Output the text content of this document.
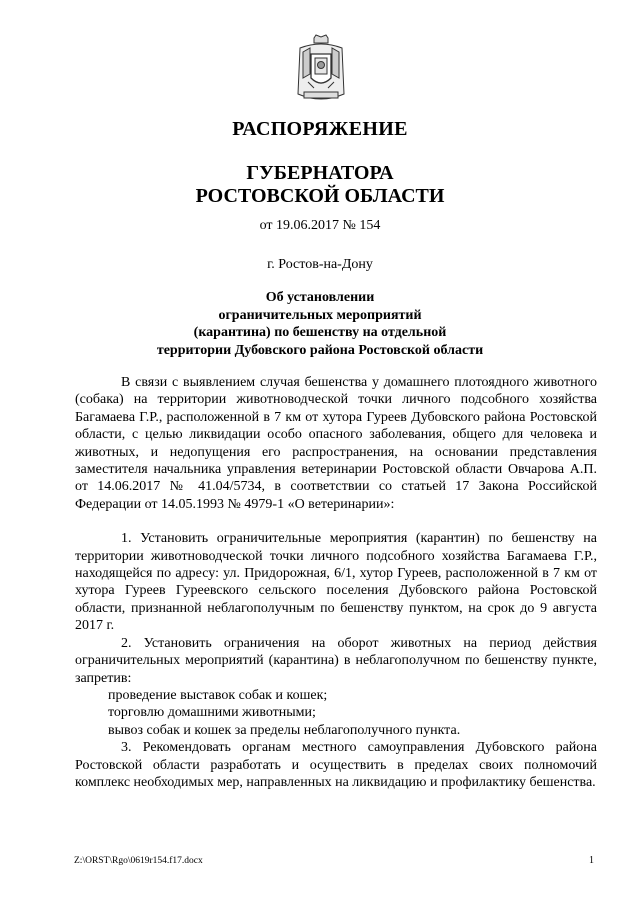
РАСПОРЯЖЕНИЕ
ГУБЕРНАТОРА
РОСТОВСКОЙ ОБЛАСТИ
от 19.06.2017 № 154
г. Ростов-на-Дону
Об установлении
ограничительных мероприятий
(карантина) по бешенству на отдельной
территории Дубовского района Ростовской области

В связи с выявлением случая бешенства у домашнего плотоядного животного (собака) на территории животноводческой точки личного подсобного хозяйства Багамаева Г.Р., расположенной в 7 км от хутора Гуреев Дубовского района Ростовской области, с целью ликвидации особо опасного заболевания, общего для человека и животных, и недопущения его распространения, на основании представления заместителя начальника управления ветеринарии Ростовской области Овчарова А.П. от 14.06.2017 № 41.04/5734, в соответствии со статьей 17 Закона Российской Федерации от 14.05.1993 № 4979-1 «О ветеринарии»:

1. Установить ограничительные мероприятия (карантин) по бешенству на территории животноводческой точки личного подсобного хозяйства Багамаева Г.Р., находящейся по адресу: ул. Придорожная, 6/1, хутор Гуреев, расположенной в 7 км от хутора Гуреев Гуреевского сельского поселения Дубовского района Ростовской области, признанной неблагополучным по бешенству пунктом, на срок до 9 августа 2017 г.

2. Установить ограничения на оборот животных на период действия ограничительных мероприятий (карантина) в неблагополучном по бешенству пункте, запретив:

проведение выставок собак и кошек;

торговлю домашними животными;

вывоз собак и кошек за пределы неблагополучного пункта.

3. Рекомендовать органам местного самоуправления Дубовского района Ростовской области разработать и осуществить в пределах своих полномочий комплекс необходимых мер, направленных на ликвидацию и профилактику бешенства.

Z:\ORST\Rgo\0619r154.f17.docx	1
